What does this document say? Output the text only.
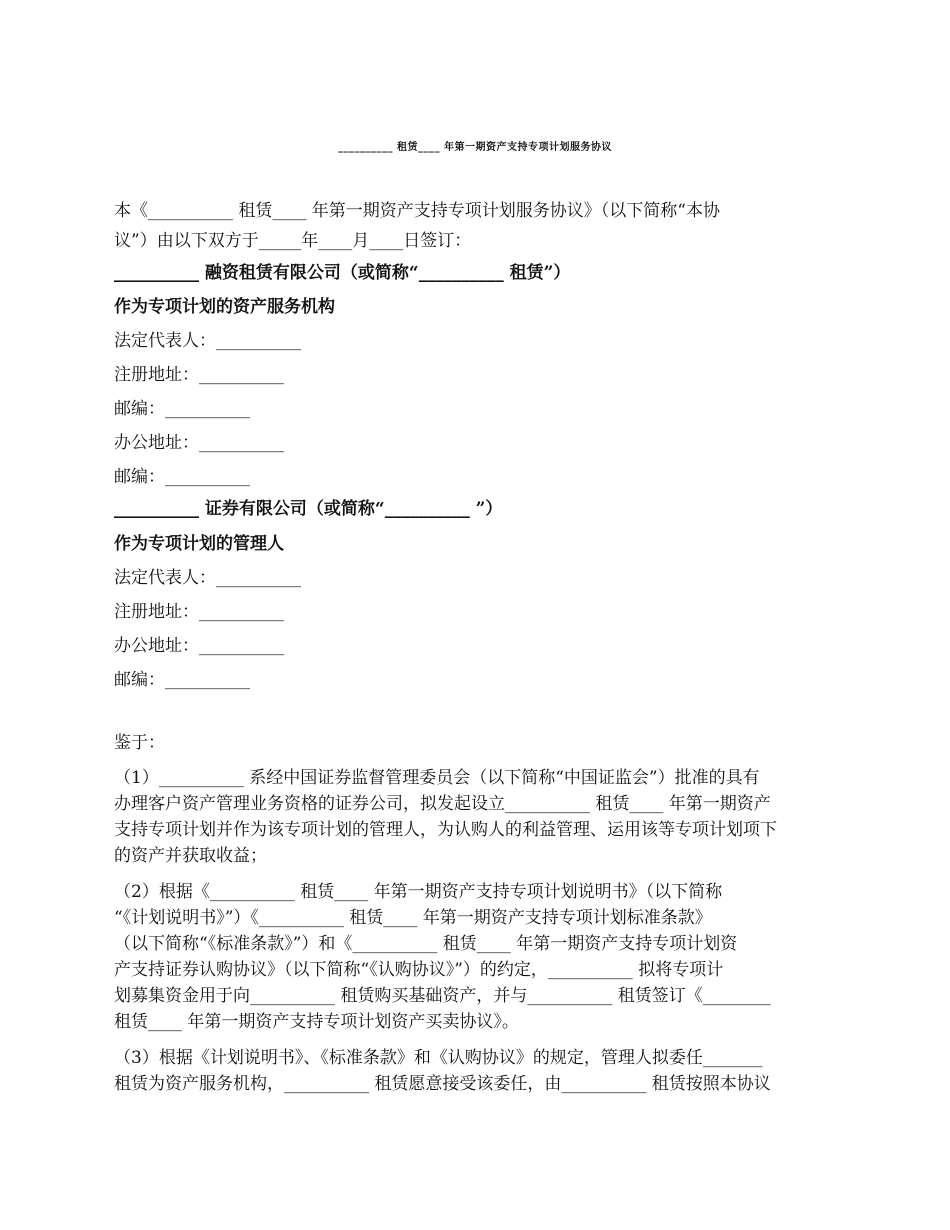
__________ 租赁____ 年第一期资产支持专项计划服务协议
本《__________ 租赁____ 年第一期资产支持专项计划服务协议》（以下简称“本协
议”）由以下双方于_____年____月____日签订：
__________ 融资租赁有限公司（或简称“__________ 租赁”）
作为专项计划的资产服务机构
法定代表人：__________
注册地址：__________
邮编：__________
办公地址：__________
邮编：__________
__________ 证券有限公司（或简称“__________ ”）
作为专项计划的管理人
法定代表人：__________
注册地址：__________
办公地址：__________
邮编：__________
鉴于：
（1）__________ 系经中国证券监督管理委员会（以下简称“中国证监会”）批准的具有
办理客户资产管理业务资格的证券公司，拟发起设立__________ 租赁____ 年第一期资产
支持专项计划并作为该专项计划的管理人，为认购人的利益管理、运用该等专项计划项下
的资产并获取收益；
（2）根据《__________ 租赁____ 年第一期资产支持专项计划说明书》（以下简称
“《计划说明书》”）《__________ 租赁____ 年第一期资产支持专项计划标准条款》
（以下简称“《标准条款》”）和《__________ 租赁____ 年第一期资产支持专项计划资
产支持证券认购协议》（以下简称“《认购协议》”）的约定，__________ 拟将专项计
划募集资金用于向__________ 租赁购买基础资产，并与__________ 租赁签订《________
租赁____ 年第一期资产支持专项计划资产买卖协议》。
（3）根据《计划说明书》、《标准条款》和《认购协议》的规定，管理人拟委任_______
租赁为资产服务机构，__________ 租赁愿意接受该委任，由__________ 租赁按照本协议
